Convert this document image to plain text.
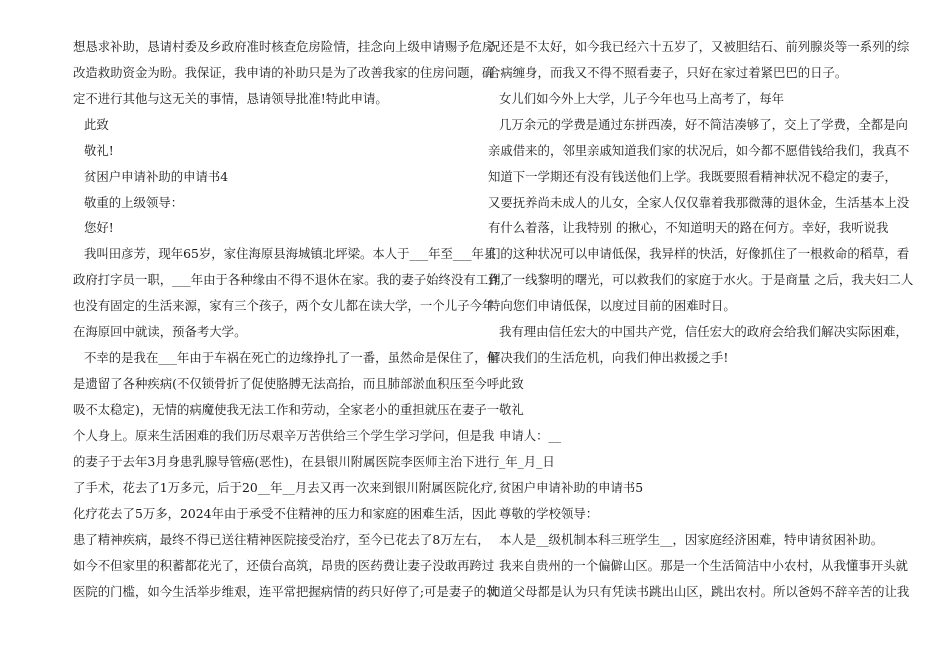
想恳求补助，恳请村委及乡政府准时核查危房险情，挂念向上级申请赐予危房
改造救助资金为盼。我保证，我申请的补助只是为了改善我家的住房问题，确
定不进行其他与这无关的事情，恳请领导批准!特此申请。
此致
敬礼!
贫困户申请补助的申请书4
敬重的上级领导：
您好!
我叫田彦芳，现年65岁，家住海原县海城镇北坪梁。本人于___年至___年县
政府打字员一职，___年由于各种缘由不得不退休在家。我的妻子始终没有工作,
也没有固定的生活来源，家有三个孩子，两个女儿都在读大学，一个儿子今年
在海原回中就读，预备考大学。
不幸的是我在___年由于车祸在死亡的边缘挣扎了一番，虽然命是保住了，但
是遗留了各种疾病(不仅锁骨折了促使胳膊无法高抬，而且肺部淤血积压至今呼
吸不太稳定)，无情的病魔使我无法工作和劳动，全家老小的重担就压在妻子一
个人身上。原来生活困难的我们历尽艰辛万苦供给三个学生学习学问，但是我
的妻子于去年3月身患乳腺导管癌(恶性)，在县银川附属医院李医师主治下进行
了手术，花去了1万多元，后于20__年__月去又再一次来到银川附属医院化疗,
化疗花去了5万多，2024年由于承受不住精神的压力和家庭的困难生活，因此
患了精神疾病，最终不得已送往精神医院接受治疗，至今已花去了8万左右，
如今不但家里的积蓄都花光了，还债台高筑，昂贵的医药费让妻子没敢再跨过
医院的门槛，如今生活举步维艰，连平常把握病情的药只好停了;可是妻子的状
况还是不太好，如今我已经六十五岁了，又被胆结石、前列腺炎等一系列的综
合病缠身，而我又不得不照看妻子，只好在家过着紧巴巴的日子。
女儿们如今外上大学，儿子今年也马上高考了，每年
几万余元的学费是通过东拼西凑，好不简洁凑够了，交上了学费，全都是向
亲戚借来的，邻里亲戚知道我们家的状况后，如今都不愿借钱给我们，我真不
知道下一学期还有没有钱送他们上学。我既要照看精神状况不稳定的妻子，
又要抚养尚未成人的儿女，全家人仅仅靠着我那微薄的退休金，生活基本上没
有什么着落，让我特别 的揪心，不知道明天的路在何方。幸好，我听说我
们的这种状况可以申请低保，我异样的快活，好像抓住了一根救命的稻草，看
到了一线黎明的曙光，可以救我们的家庭于水火。于是商量 之后，我夫妇二人
特向您们申请低保，以度过目前的困难时日。
我有理由信任宏大的中国共产党，信任宏大的政府会给我们解决实际困难，
解决我们的生活危机，向我们伸出救援之手!
此致
敬礼
申请人：__
_年_月_日
贫困户申请补助的申请书5
尊敬的学校领导：
本人是__级机制本科三班学生__，因家庭经济困难，特申请贫困补助。
我来自贵州的一个偏僻山区。那是一个生活简洁中小农村，从我懂事开头就
知道父母都是认为只有凭读书跳出山区，跳出农村。所以爸妈不辞辛苦的让我
